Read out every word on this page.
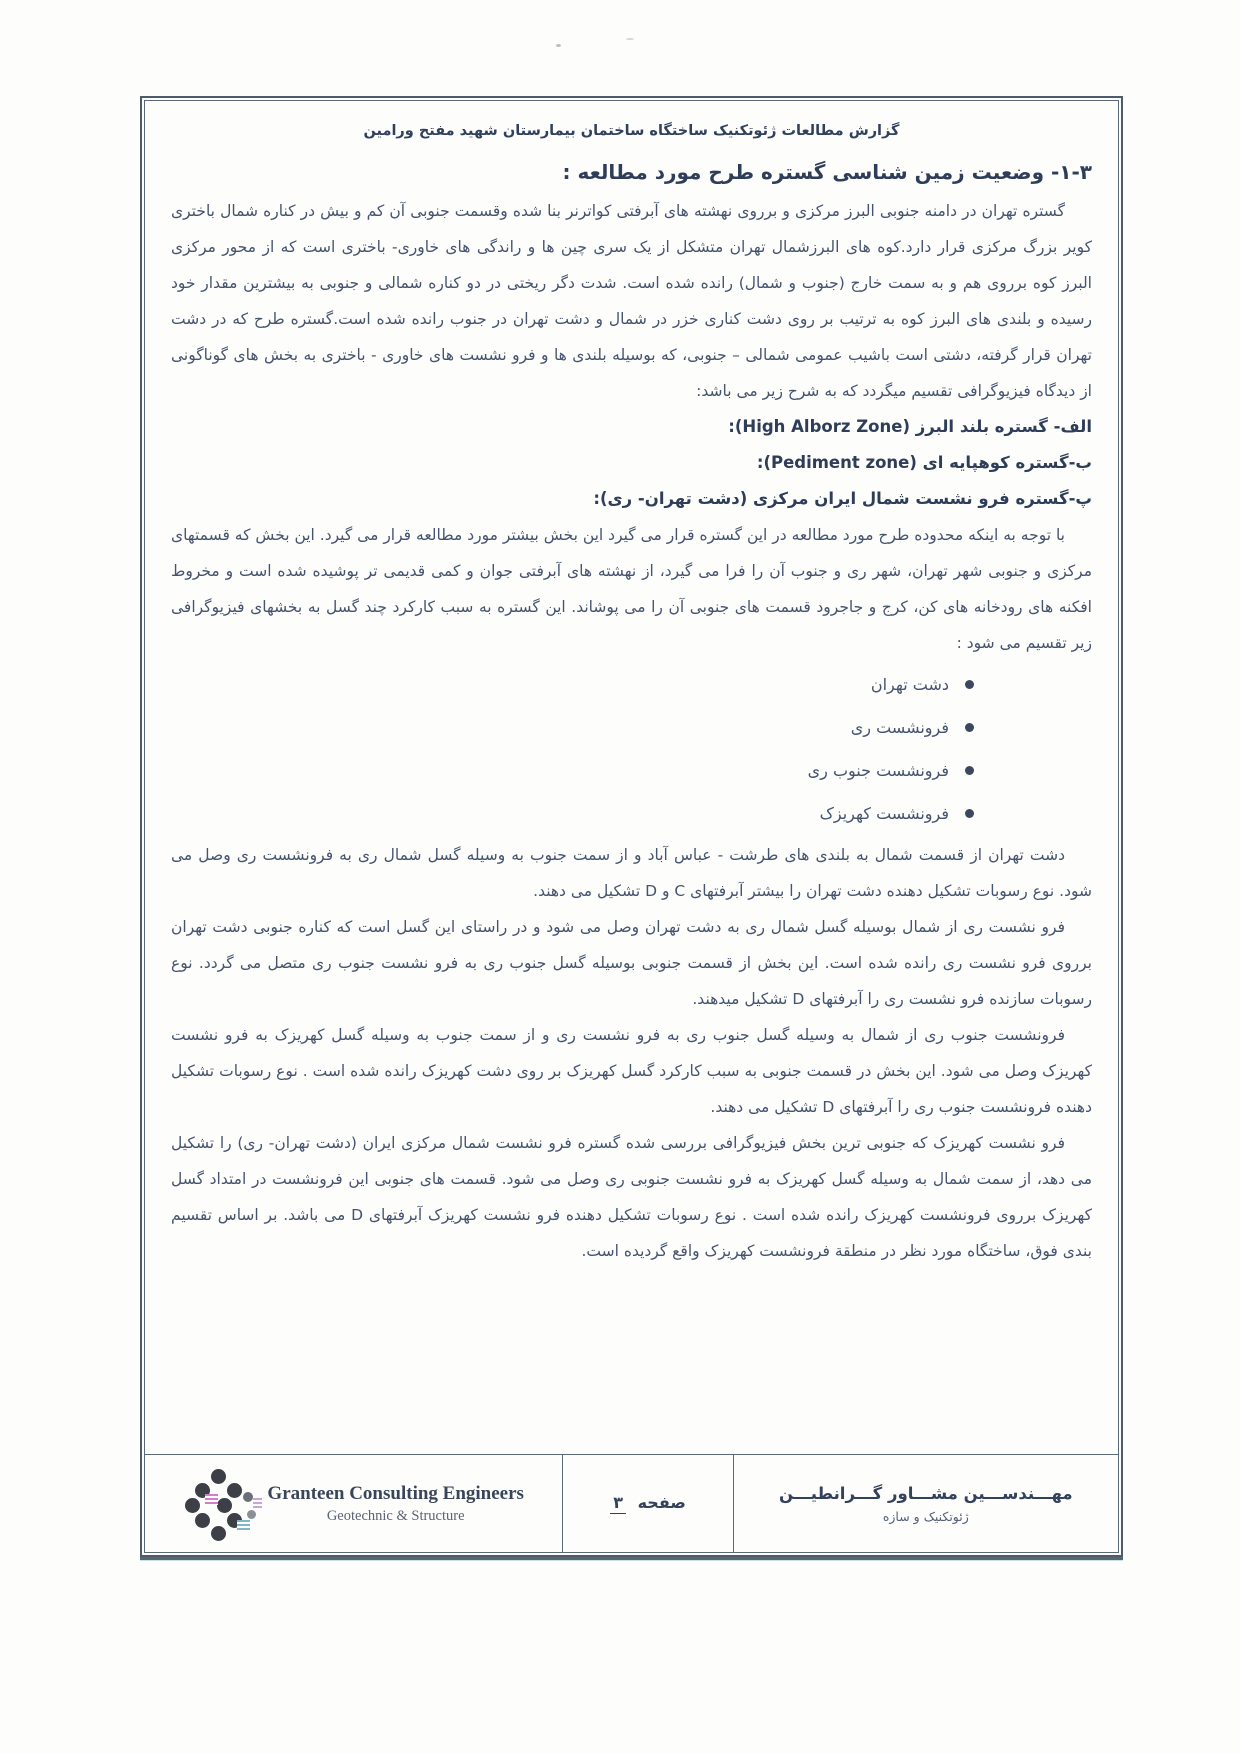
گزارش مطالعات ژئوتکنیک ساختگاه ساختمان بیمارستان شهید مفتح ورامین
۱-۳- وضعیت زمین شناسی گستره طرح مورد مطالعه :

گستره تهران در دامنه جنوبی البرز مرکزی و برروی نهشته های آبرفتی کواترنر بنا شده وقسمت جنوبی آن کم و بیش در کناره شمال باختری کویر بزرگ مرکزی قرار دارد.کوه های البرزشمال تهران متشکل از یک سری چین ها و راندگی های خاوری- باختری است که از محور مرکزی البرز کوه برروی هم و به سمت خارج (جنوب و شمال) رانده شده است. شدت دگر ریختی در دو کناره شمالی و جنوبی به بیشترین مقدار خود رسیده و بلندی های البرز کوه به ترتیب بر روی دشت کناری خزر در شمال و دشت تهران در جنوب رانده شده است.گستره طرح که در دشت تهران قرار گرفته، دشتی است باشیب عمومی شمالی – جنوبی، که بوسیله بلندی ها و فرو نشست های خاوری - باختری به بخش های گوناگونی از دیدگاه فیزیوگرافی تقسیم میگردد که به شرح زیر می باشد:

الف- گستره بلند البرز (High Alborz Zone):
ب-گستره کوهپایه ای (Pediment zone):
پ-گستره فرو نشست شمال ایران مرکزی (دشت تهران- ری):

با توجه به اینکه محدوده طرح مورد مطالعه در این گستره قرار می گیرد این بخش بیشتر مورد مطالعه قرار می گیرد. این بخش که قسمتهای مرکزی و جنوبی شهر تهران، شهر ری و جنوب آن را فرا می گیرد، از نهشته های آبرفتی جوان و کمی قدیمی تر پوشیده شده است و مخروط افکنه های رودخانه های کن، کرج و جاجرود قسمت های جنوبی آن را می پوشاند. این گستره به سبب کارکرد چند گسل به بخشهای فیزیوگرافی زیر تقسیم می شود :

دشت تهران
فرونشست ری
فرونشست جنوب ری
فرونشست کهریزک

دشت تهران از قسمت شمال به بلندی های طرشت - عباس آباد و از سمت جنوب به وسیله گسل شمال ری به فرونشست ری وصل می شود. نوع رسوبات تشکیل دهنده دشت تهران را بیشتر آبرفتهای C و D تشکیل می دهند.

فرو نشست ری از شمال بوسیله گسل شمال ری به دشت تهران وصل می شود و در راستای این گسل است که کناره جنوبی دشت تهران برروی فرو نشست ری رانده شده است. این بخش از قسمت جنوبی بوسیله گسل جنوب ری به فرو نشست جنوب ری متصل می گردد. نوع رسوبات سازنده فرو نشست ری را آبرفتهای D تشکیل میدهند.

فرونشست جنوب ری از شمال به وسیله گسل جنوب ری به فرو نشست ری و از سمت جنوب به وسیله گسل کهریزک به فرو نشست کهریزک وصل می شود. این بخش در قسمت جنوبی به سبب کارکرد گسل کهریزک بر روی دشت کهریزک رانده شده است . نوع رسوبات تشکیل دهنده فرونشست جنوب ری را آبرفتهای D تشکیل می دهند.

فرو نشست کهریزک که جنوبی ترین بخش فیزیوگرافی بررسی شده گستره فرو نشست شمال مرکزی ایران (دشت تهران- ری) را تشکیل می دهد، از سمت شمال به وسیله گسل کهریزک به فرو نشست جنوبی ری وصل می شود. قسمت های جنوبی این فرونشست در امتداد گسل کهریزک برروی فرونشست کهریزک رانده شده است . نوع رسوبات تشکیل دهنده فرو نشست کهریزک آبرفتهای D می باشد. بر اساس تقسیم بندی فوق، ساختگاه مورد نظر در منطقة فرونشست کهریزک واقع گردیده است.

Granteen Consulting Engineers
Geotechnic & Structure
صفحه ۳	مهـــندســـین مشـــاور گـــرانطیـــن
ژئوتکنیک و سازه
